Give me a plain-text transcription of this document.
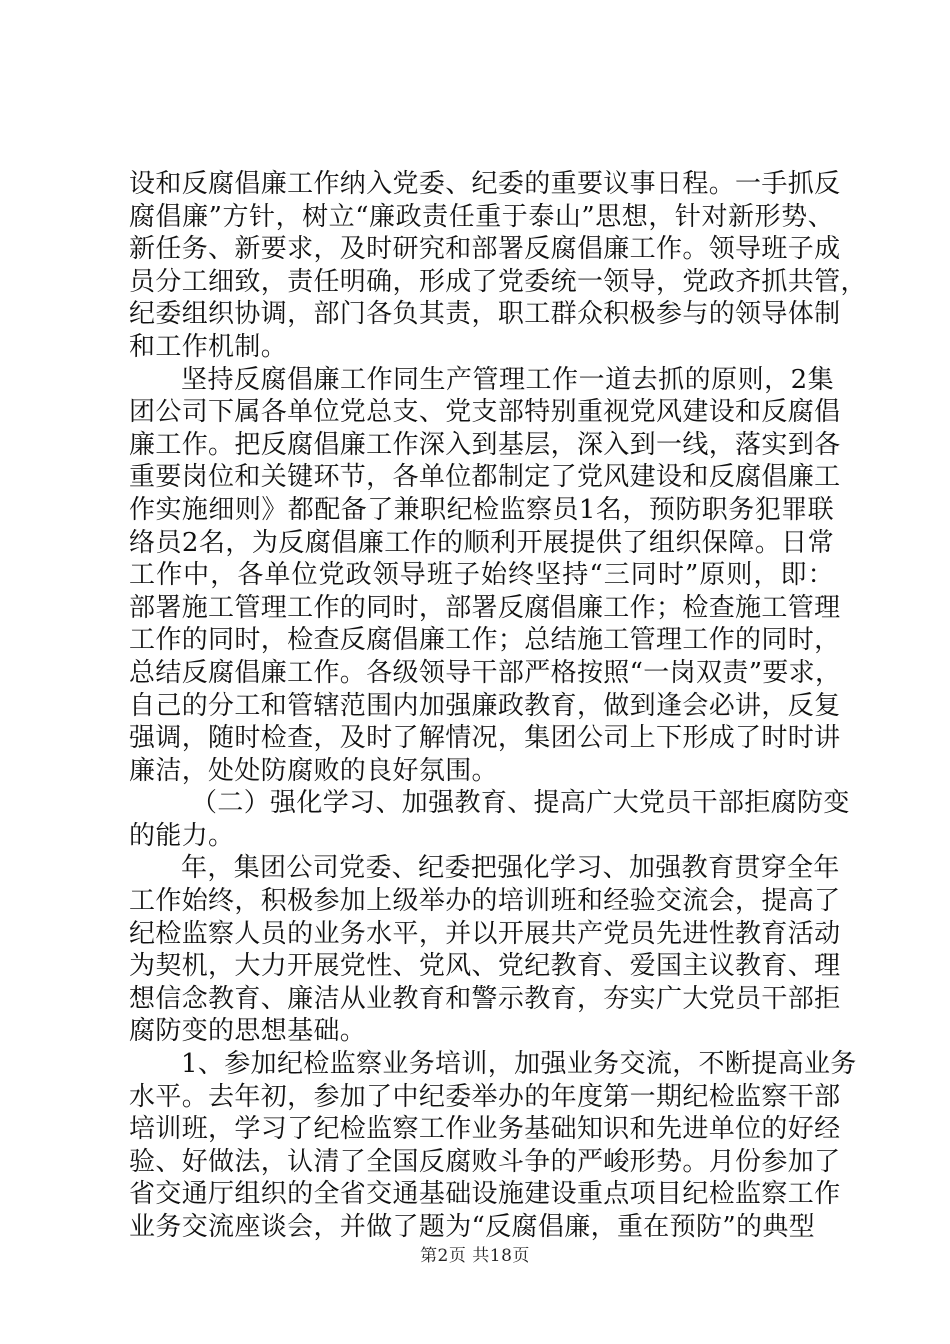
设和反腐倡廉工作纳入党委、纪委的重要议事日程。一手抓反
腐倡廉”方针，树立“廉政责任重于泰山”思想，针对新形势、
新任务、新要求，及时研究和部署反腐倡廉工作。领导班子成
员分工细致，责任明确，形成了党委统一领导，党政齐抓共管，
纪委组织协调，部门各负其责，职工群众积极参与的领导体制
和工作机制。
坚持反腐倡廉工作同生产管理工作一道去抓的原则，2集
团公司下属各单位党总支、党支部特别重视党风建设和反腐倡
廉工作。把反腐倡廉工作深入到基层，深入到一线，落实到各
重要岗位和关键环节，各单位都制定了党风建设和反腐倡廉工
作实施细则》都配备了兼职纪检监察员1名，预防职务犯罪联
络员2名，为反腐倡廉工作的顺利开展提供了组织保障。日常
工作中，各单位党政领导班子始终坚持“三同时”原则，即：
部署施工管理工作的同时，部署反腐倡廉工作；检查施工管理
工作的同时，检查反腐倡廉工作；总结施工管理工作的同时，
总结反腐倡廉工作。各级领导干部严格按照“一岗双责”要求，
自己的分工和管辖范围内加强廉政教育，做到逢会必讲，反复
强调，随时检查，及时了解情况，集团公司上下形成了时时讲
廉洁，处处防腐败的良好氛围。
（二）强化学习、加强教育、提高广大党员干部拒腐防变
的能力。
年，集团公司党委、纪委把强化学习、加强教育贯穿全年
工作始终，积极参加上级举办的培训班和经验交流会，提高了
纪检监察人员的业务水平，并以开展共产党员先进性教育活动
为契机，大力开展党性、党风、党纪教育、爱国主议教育、理
想信念教育、廉洁从业教育和警示教育，夯实广大党员干部拒
腐防变的思想基础。
1、参加纪检监察业务培训，加强业务交流，不断提高业务
水平。去年初，参加了中纪委举办的年度第一期纪检监察干部
培训班，学习了纪检监察工作业务基础知识和先进单位的好经
验、好做法，认清了全国反腐败斗争的严峻形势。月份参加了
省交通厅组织的全省交通基础设施建设重点项目纪检监察工作
业务交流座谈会，并做了题为“反腐倡廉，重在预防”的典型
第2页 共18页
